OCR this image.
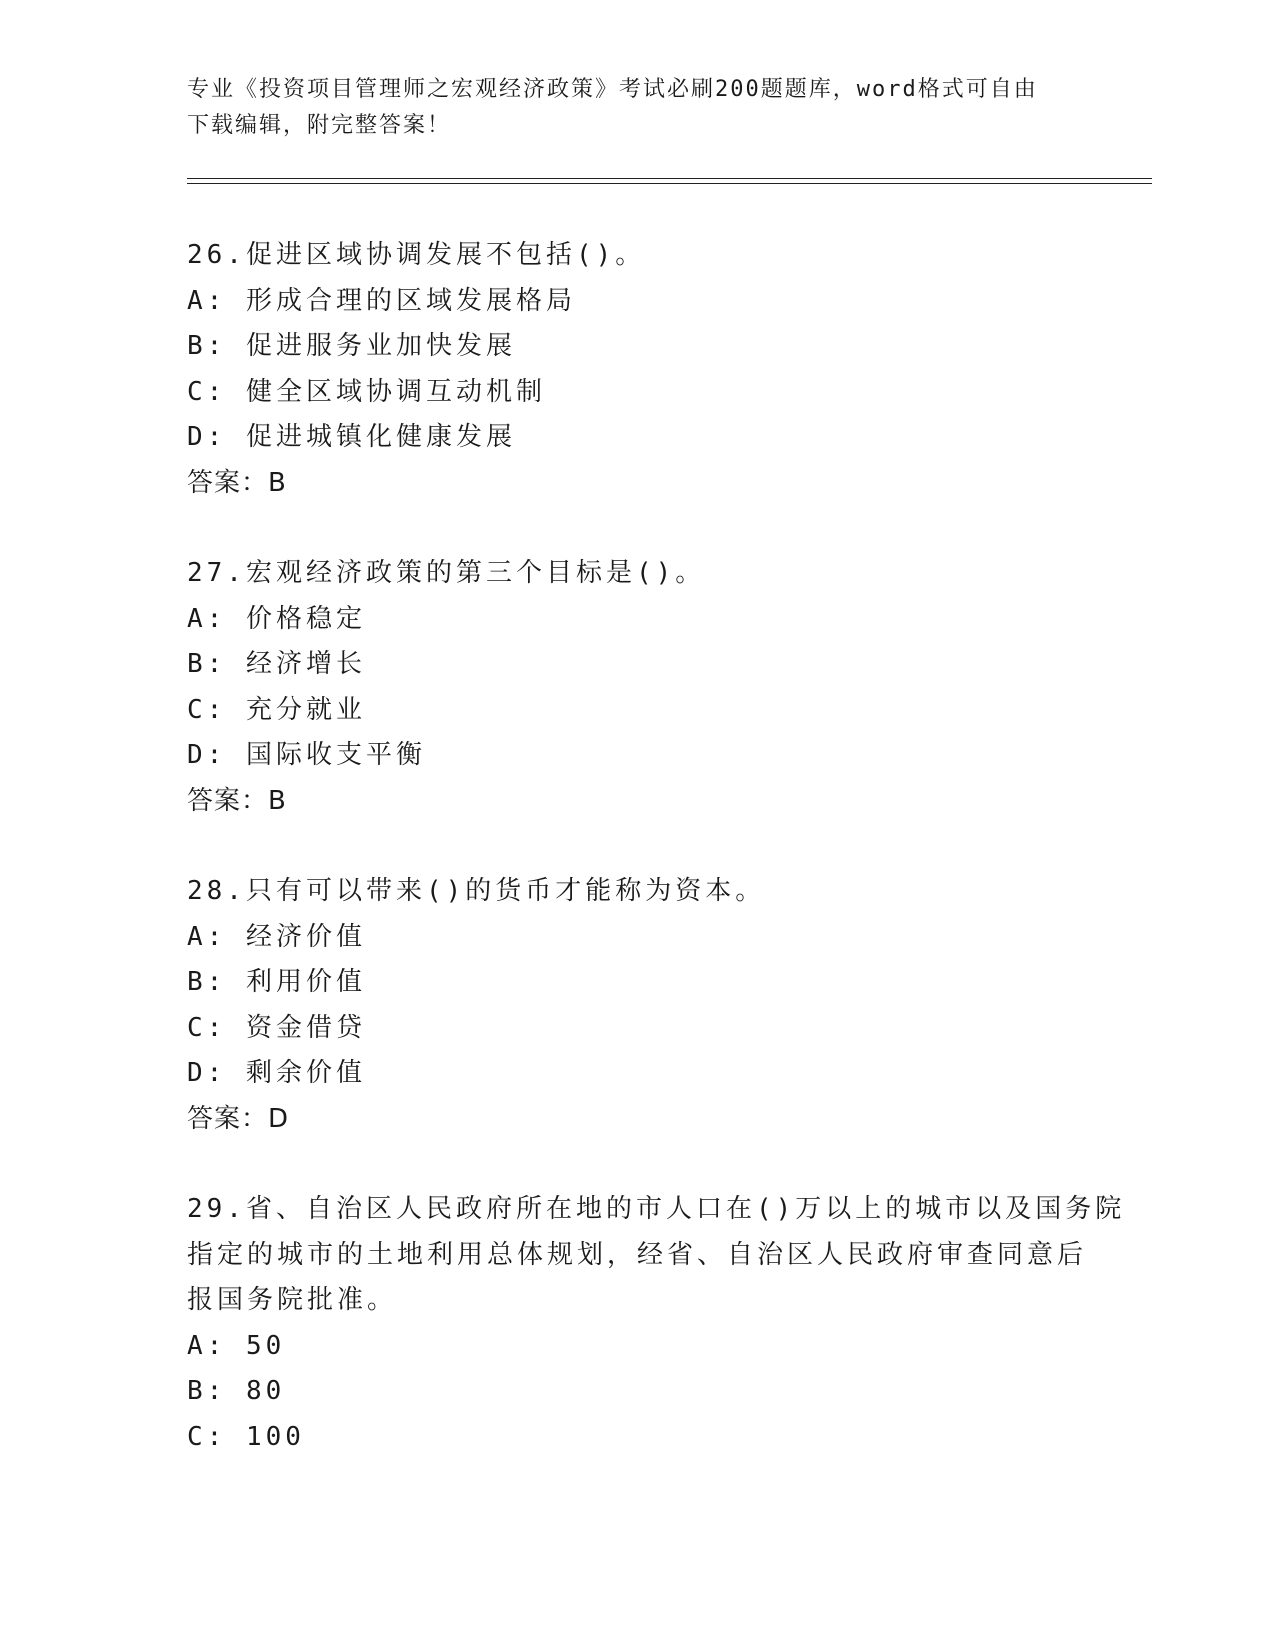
专业《投资项目管理师之宏观经济政策》考试必刷200题题库，word格式可自由
下载编辑，附完整答案！
26.促进区域协调发展不包括()。
A: 形成合理的区域发展格局
B: 促进服务业加快发展
C: 健全区域协调互动机制
D: 促进城镇化健康发展
答案：B
27.宏观经济政策的第三个目标是()。
A: 价格稳定
B: 经济增长
C: 充分就业
D: 国际收支平衡
答案：B
28.只有可以带来()的货币才能称为资本。
A: 经济价值
B: 利用价值
C: 资金借贷
D: 剩余价值
答案：D
29.省、自治区人民政府所在地的市人口在()万以上的城市以及国务院
指定的城市的土地利用总体规划，经省、自治区人民政府审查同意后
报国务院批准。
A: 50
B: 80
C: 100
